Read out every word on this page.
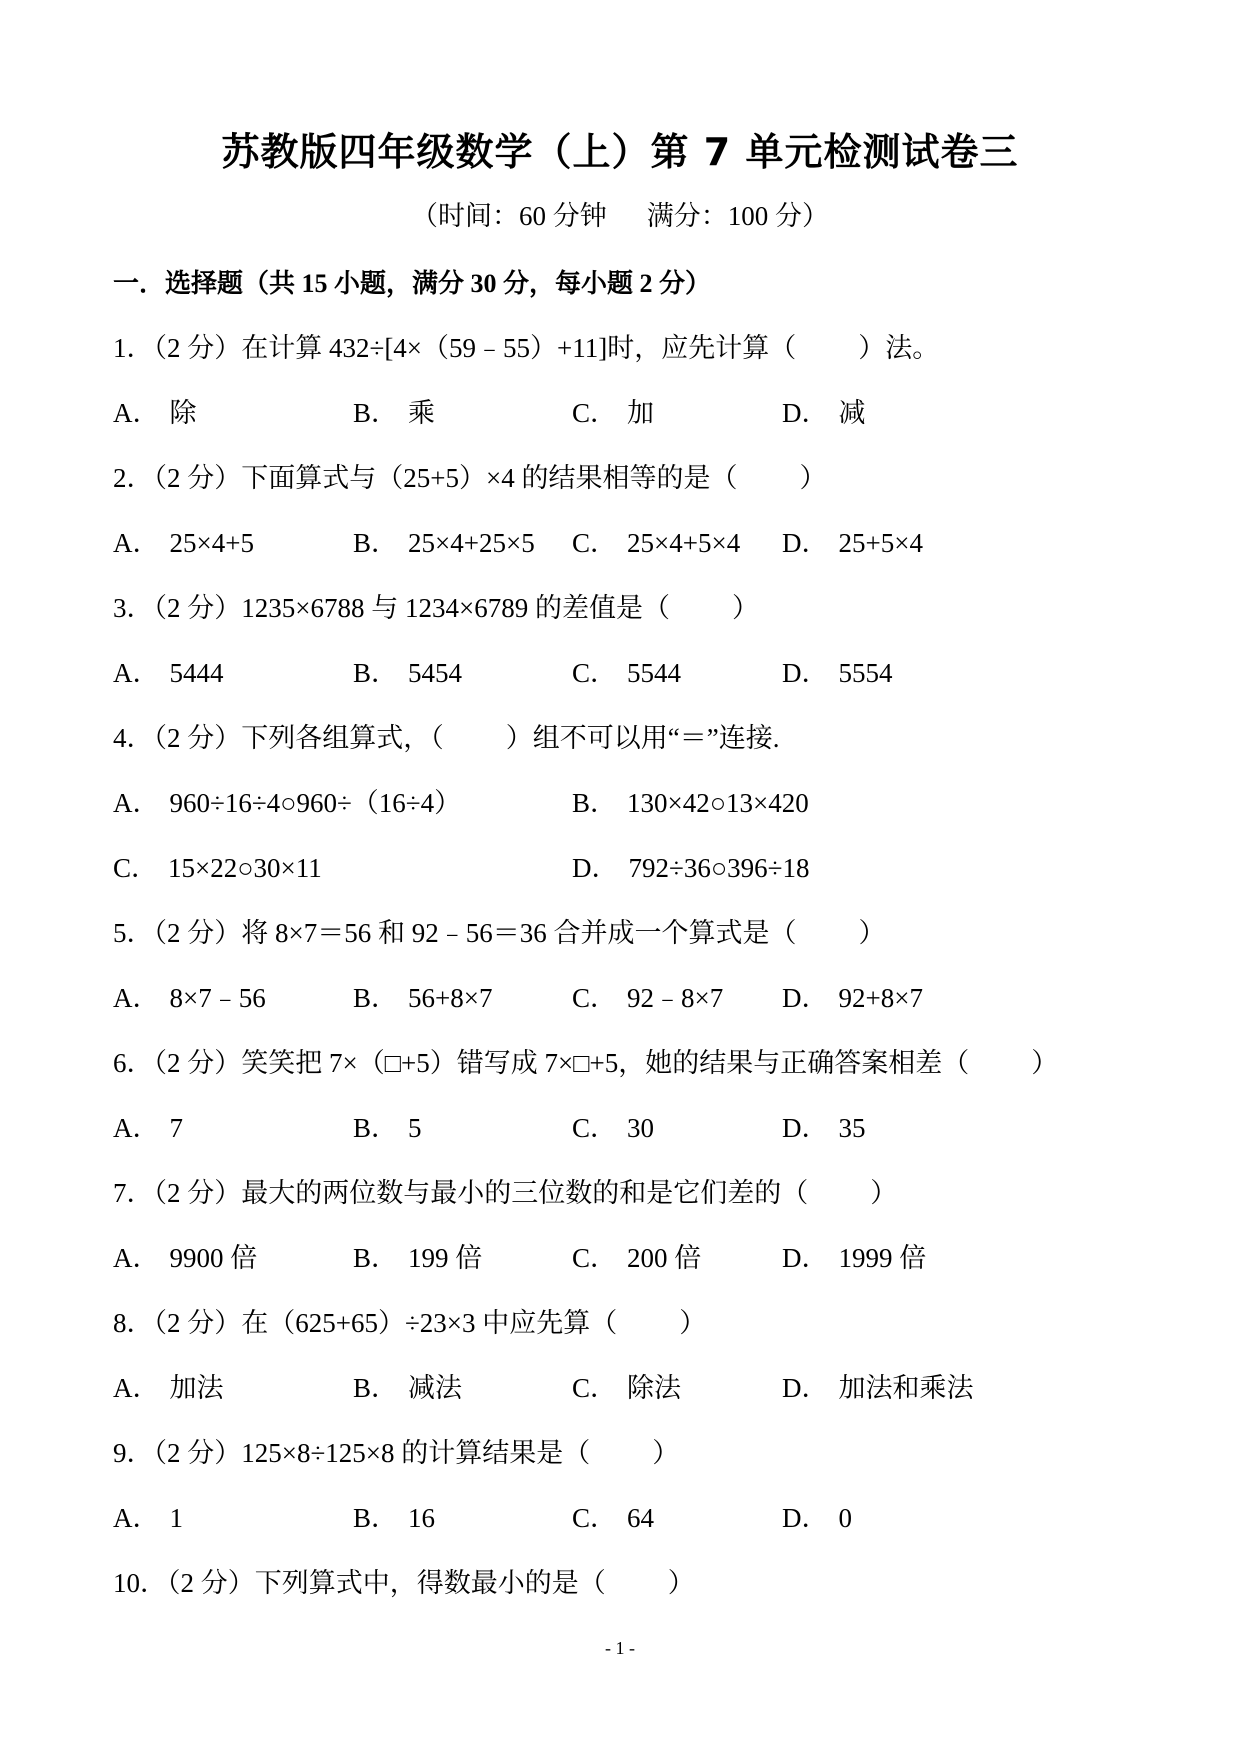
苏教版四年级数学（上）第 7 单元检测试卷三
（时间：60 分钟 满分：100 分）
一．选择题（共 15 小题，满分 30 分，每小题 2 分）
1．（2 分）在计算 432÷[4×（59﹣55）+11]时，应先计算（ ）法。
A． 除	B． 乘	C． 加	D． 减
2．（2 分）下面算式与（25+5）×4 的结果相等的是（ ）
A． 25×4+5	B． 25×4+25×5 C． 25×4+5×4 D． 25+5×4
3．（2 分）1235×6788 与 1234×6789 的差值是（ ）
A． 5444	B． 5454	C． 5544	D． 5554
4．（2 分）下列各组算式，（ ）组不可以用“＝”连接.
A． 960÷16÷4○960÷（16÷4）	B． 130×42○13×420
C． 15×22○30×11	D． 792÷36○396÷18
5．（2 分）将 8×7＝56 和 92﹣56＝36 合并成一个算式是（ ）
A． 8×7﹣56	B． 56+8×7	C． 92﹣8×7 D． 92+8×7
6．（2 分）笑笑把 7×（□+5）错写成 7×□+5，她的结果与正确答案相差（ ）
A． 7	B． 5	C． 30	D． 35
7．（2 分）最大的两位数与最小的三位数的和是它们差的（ ）
A． 9900 倍	B． 199 倍	C． 200 倍	D． 1999 倍
8．（2 分）在（625+65）÷23×3 中应先算（ ）
A． 加法	B． 减法	C． 除法	D． 加法和乘法
9．（2 分）125×8÷125×8 的计算结果是（ ）
A． 1	B． 16	C． 64	D． 0
10．（2 分）下列算式中，得数最小的是（ ）
- 1 -
